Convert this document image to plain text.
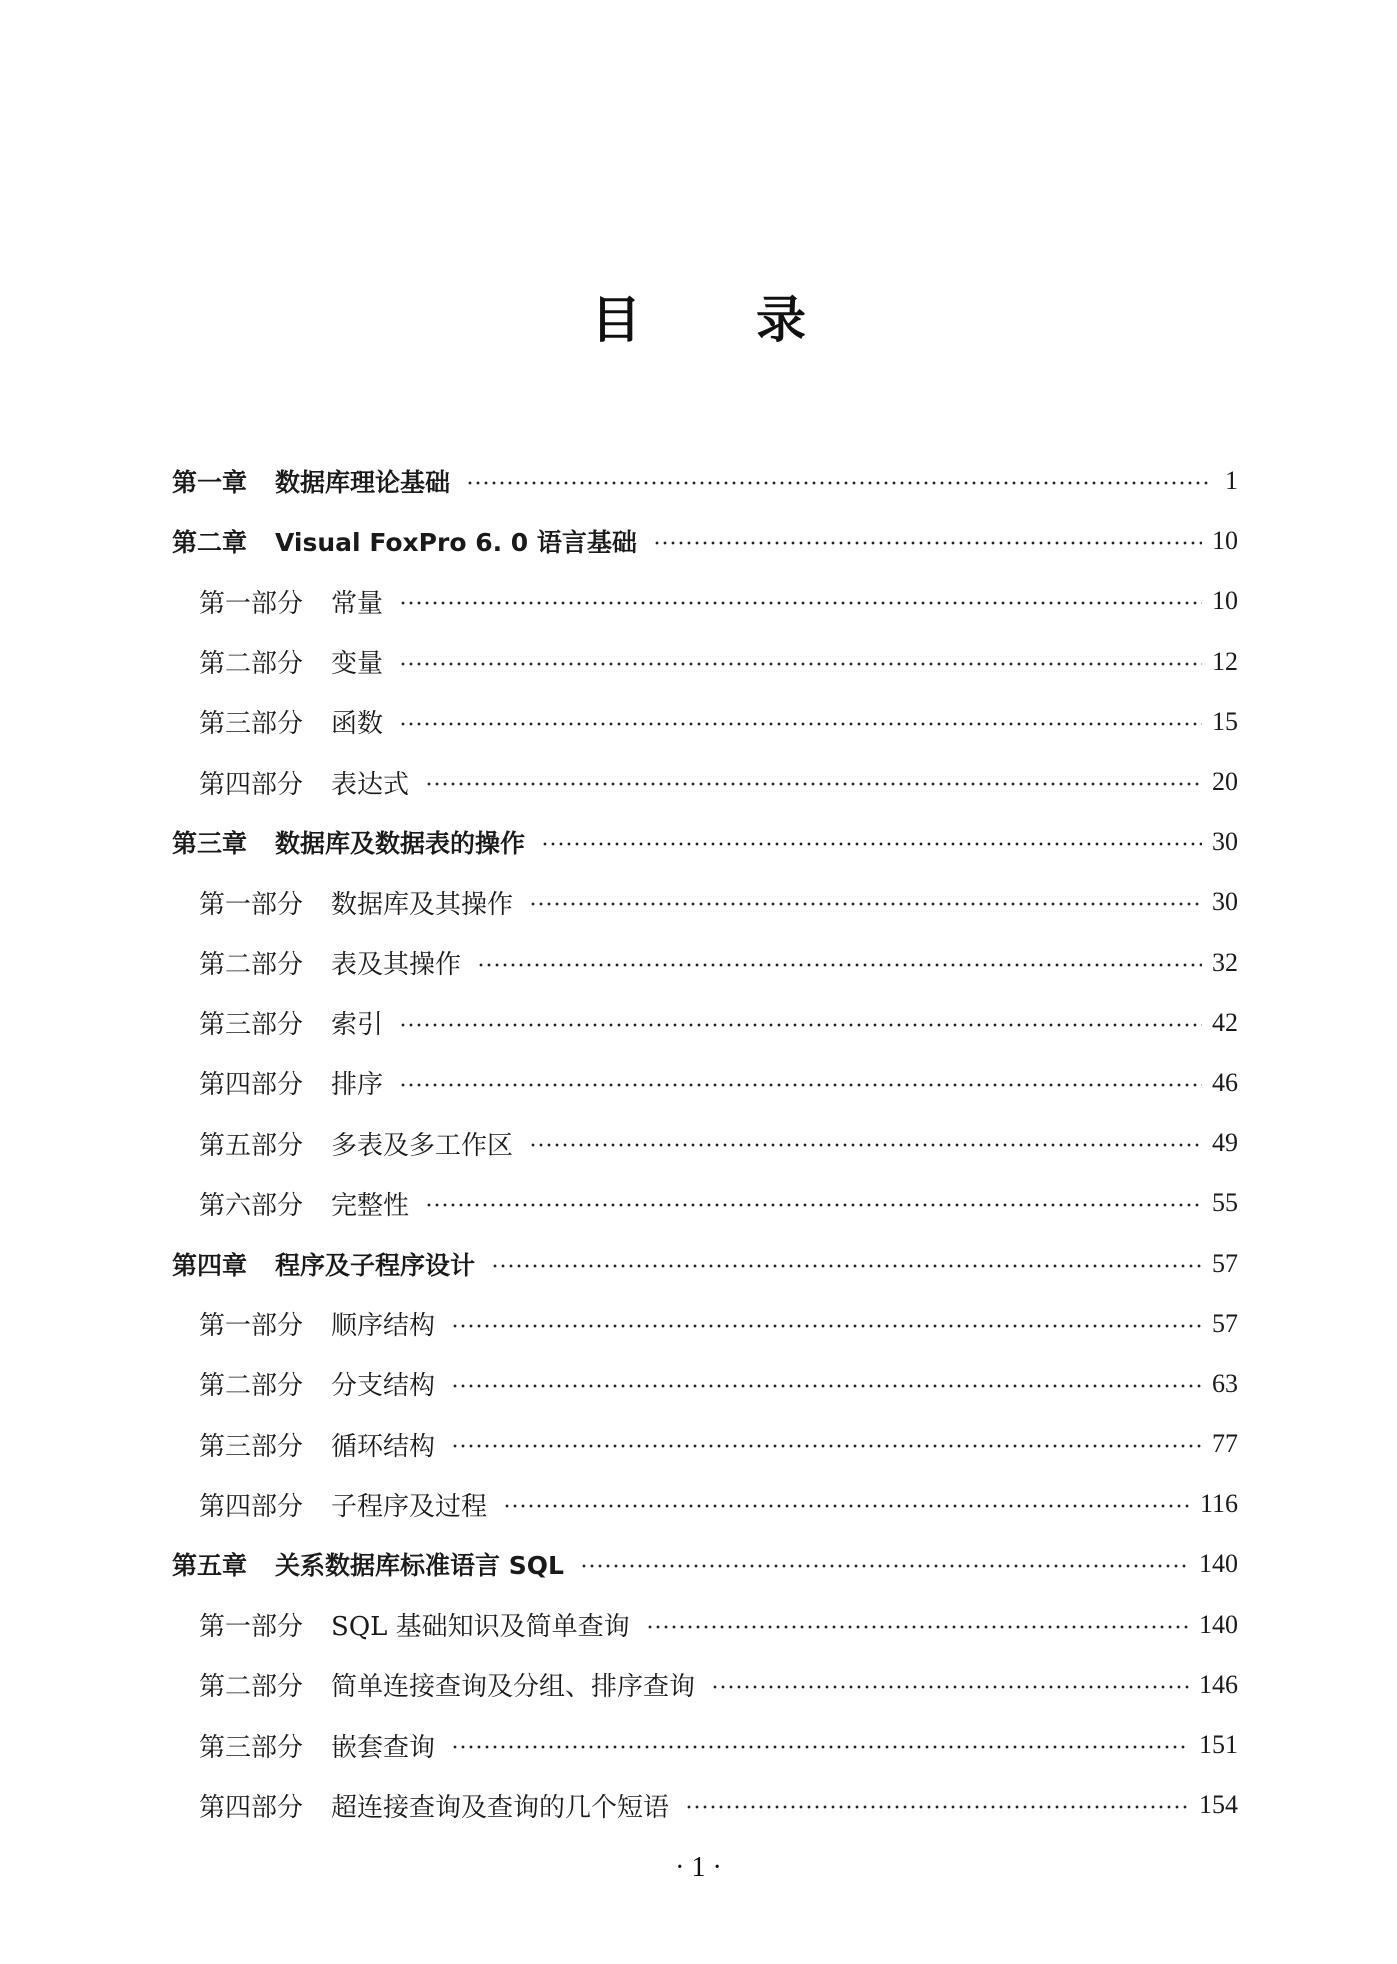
目 录
第一章 数据库理论基础	1
第二章 Visual FoxPro 6. 0 语言基础	10
第一部分 常量	10
第二部分 变量	12
第三部分 函数	15
第四部分 表达式	20
第三章 数据库及数据表的操作	30
第一部分 数据库及其操作	30
第二部分 表及其操作	32
第三部分 索引	42
第四部分 排序	46
第五部分 多表及多工作区	49
第六部分 完整性	55
第四章 程序及子程序设计	57
第一部分 顺序结构	57
第二部分 分支结构	63
第三部分 循环结构	77
第四部分 子程序及过程	116
第五章 关系数据库标准语言 SQL	140
第一部分 SQL 基础知识及简单查询	140
第二部分 简单连接查询及分组、排序查询	146
第三部分 嵌套查询	151
第四部分 超连接查询及查询的几个短语	154
· 1 ·
